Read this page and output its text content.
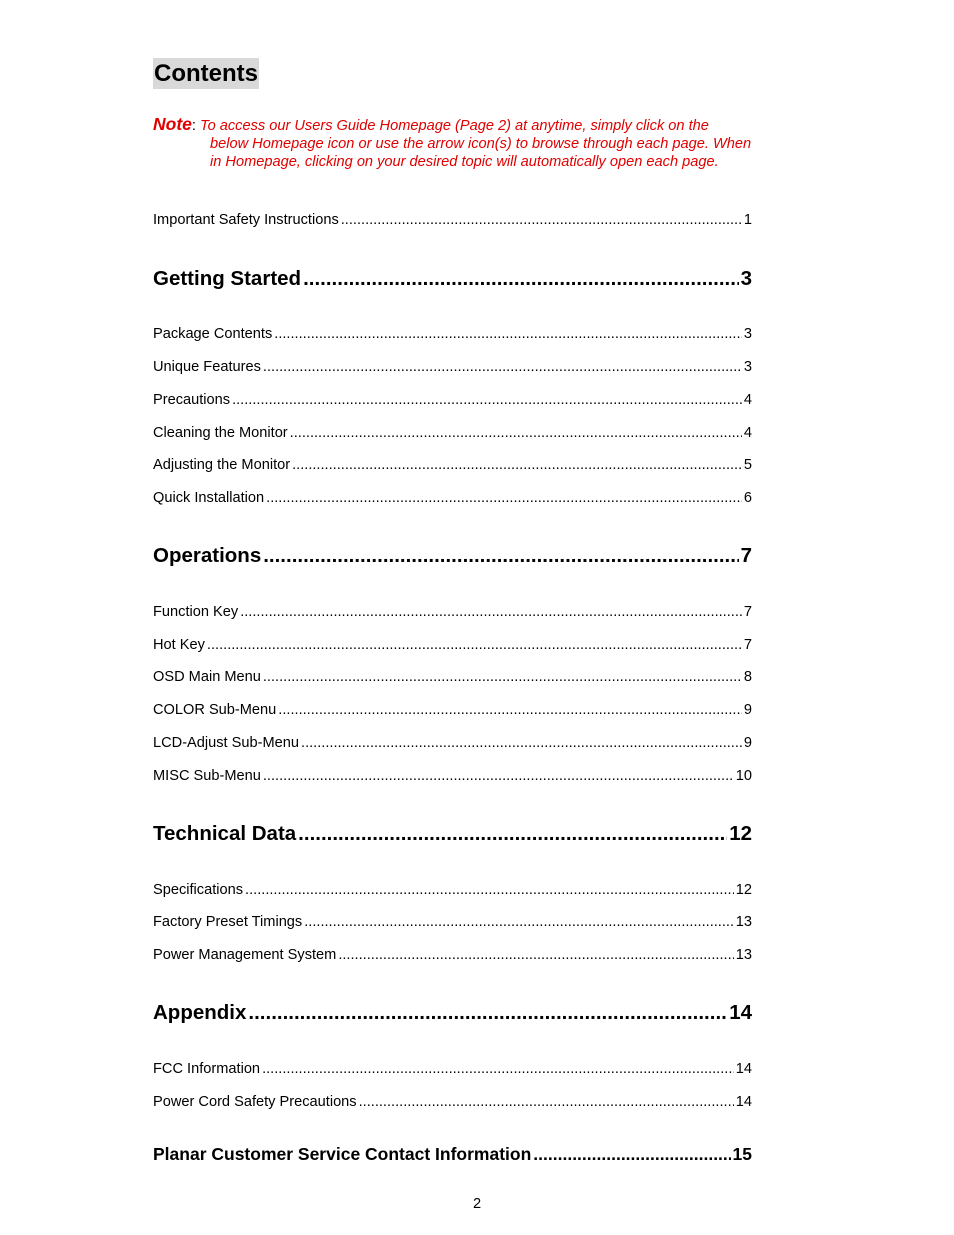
Contents
Note: To access our Users Guide Homepage (Page 2) at anytime, simply click on the
below Homepage icon or use the arrow icon(s) to browse through each page. When
in Homepage, clicking on your desired topic will automatically open each page.
Important Safety Instructions .....	1
Getting Started .....	3
Package Contents .....	3
Unique Features .....	3
Precautions .....	4
Cleaning the Monitor .....	4
Adjusting the Monitor .....	5
Quick Installation .....	6
Operations .....	7
Function Key .....	7
Hot Key .....	7
OSD Main Menu .....	8
COLOR Sub-Menu .....	9
LCD-Adjust Sub-Menu .....	9
MISC Sub-Menu .....	10
Technical Data .....	12
Specifications .....	12
Factory Preset Timings .....	13
Power Management System .....	13
Appendix .....	14
FCC Information .....	14
Power Cord Safety Precautions .....	14
Planar Customer Service Contact Information .....	15
2
